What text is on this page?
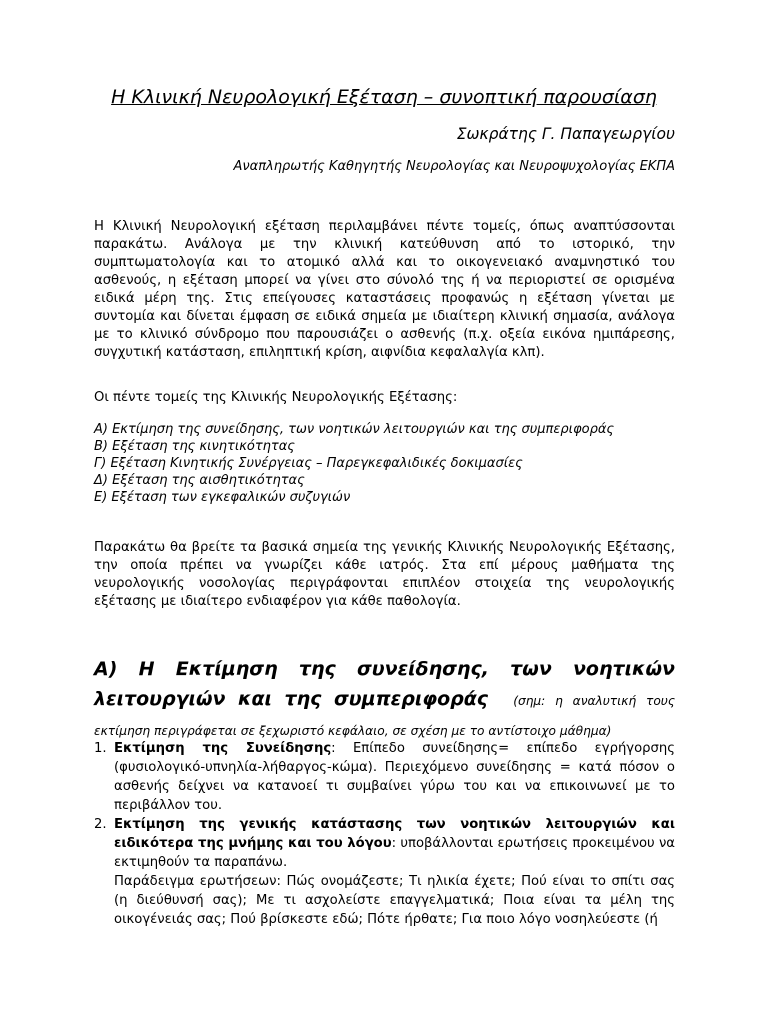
Η Κλινική Νευρολογική Εξέταση – συνοπτική παρουσίαση

Σωκράτης Γ. Παπαγεωργίου

Αναπληρωτής Καθηγητής Νευρολογίας και Νευροψυχολογίας ΕΚΠΑ

Η Κλινική Νευρολογική εξέταση περιλαμβάνει πέντε τομείς, όπως αναπτύσσονται παρακάτω. Ανάλογα με την κλινική κατεύθυνση από το ιστορικό, την συμπτωματολογία και το ατομικό αλλά και το οικογενειακό αναμνηστικό του ασθενούς, η εξέταση μπορεί να γίνει στο σύνολό της ή να περιοριστεί σε ορισμένα ειδικά μέρη της. Στις επείγουσες καταστάσεις προφανώς η εξέταση γίνεται με συντομία και δίνεται έμφαση σε ειδικά σημεία με ιδιαίτερη κλινική σημασία, ανάλογα με το κλινικό σύνδρομο που παρουσιάζει ο ασθενής (π.χ. οξεία εικόνα ημιπάρεσης, συγχυτική κατάσταση, επιληπτική κρίση, αιφνίδια κεφαλαλγία κλπ).

Οι πέντε τομείς της Κλινικής Νευρολογικής Εξέτασης:

Α) Εκτίμηση της συνείδησης, των νοητικών λειτουργιών και της συμπεριφοράς
Β) Εξέταση της κινητικότητας
Γ) Εξέταση Κινητικής Συνέργειας – Παρεγκεφαλιδικές δοκιμασίες
Δ) Εξέταση της αισθητικότητας
Ε) Εξέταση των εγκεφαλικών συζυγιών

Παρακάτω θα βρείτε τα βασικά σημεία της γενικής Κλινικής Νευρολογικής Εξέτασης, την οποία πρέπει να γνωρίζει κάθε ιατρός. Στα επί μέρους μαθήματα της νευρολογικής νοσολογίας περιγράφονται επιπλέον στοιχεία της νευρολογικής εξέτασης με ιδιαίτερο ενδιαφέρον για κάθε παθολογία.

Α) Η Εκτίμηση της συνείδησης, των νοητικών λειτουργιών και της συμπεριφοράς (σημ: η αναλυτική τους εκτίμηση περιγράφεται σε ξεχωριστό κεφάλαιο, σε σχέση με το αντίστοιχο μάθημα)
1. Εκτίμηση της Συνείδησης: Επίπεδο συνείδησης= επίπεδο εγρήγορσης (φυσιολογικό-υπνηλία-λήθαργος-κώμα). Περιεχόμενο συνείδησης = κατά πόσον ο ασθενής δείχνει να κατανοεί τι συμβαίνει γύρω του και να επικοινωνεί με το περιβάλλον του.
2. Εκτίμηση της γενικής κατάστασης των νοητικών λειτουργιών και ειδικότερα της μνήμης και του λόγου: υποβάλλονται ερωτήσεις προκειμένου να εκτιμηθούν τα παραπάνω.
Παράδειγμα ερωτήσεων: Πώς ονομάζεστε; Τι ηλικία έχετε; Πού είναι το σπίτι σας (η διεύθυνσή σας); Με τι ασχολείστε επαγγελματικά; Ποια είναι τα μέλη της οικογένειάς σας; Πού βρίσκεστε εδώ; Πότε ήρθατε; Για ποιο λόγο νοσηλεύεστε (ή
